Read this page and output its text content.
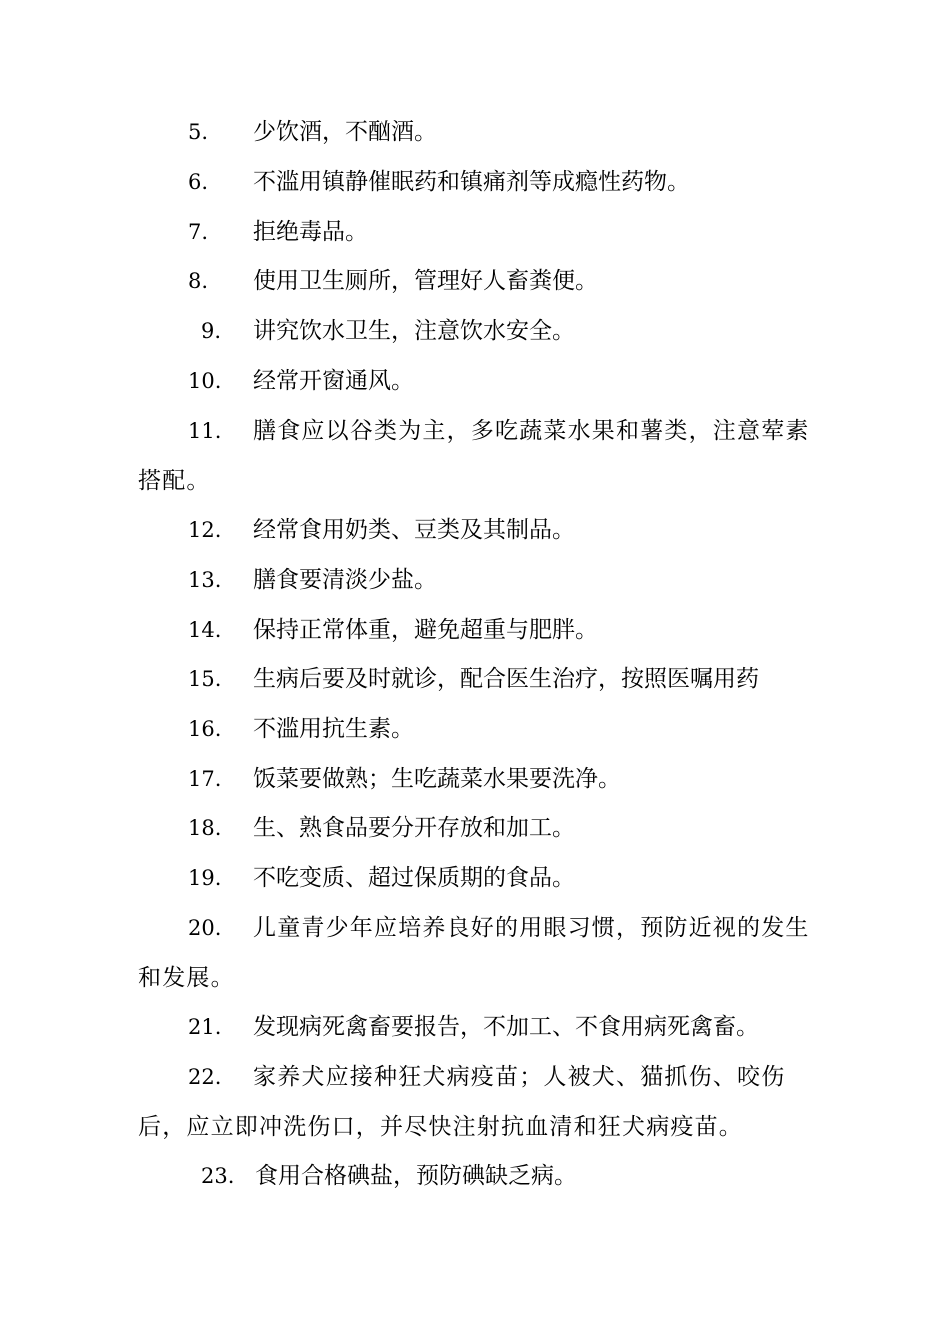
5. 少饮酒，不酗酒。
6. 不滥用镇静催眠药和镇痛剂等成瘾性药物。
7. 拒绝毒品。
8. 使用卫生厕所，管理好人畜粪便。
9. 讲究饮水卫生，注意饮水安全。
10. 经常开窗通风。
11.	膳食应以谷类为主，多吃蔬菜水果和薯类，注意荤素搭配。
12. 经常食用奶类、豆类及其制品。
13. 膳食要清淡少盐。
14. 保持正常体重，避免超重与肥胖。
15. 生病后要及时就诊，配合医生治疗，按照医嘱用药
16. 不滥用抗生素。
17. 饭菜要做熟；生吃蔬菜水果要洗净。
18. 生、熟食品要分开存放和加工。
19. 不吃变质、超过保质期的食品。
20.	儿童青少年应培养良好的用眼习惯，预防近视的发生和发展。
21. 发现病死禽畜要报告，不加工、不食用病死禽畜。
22.	家养犬应接种狂犬病疫苗；人被犬、猫抓伤、咬伤后，应立即冲洗伤口，并尽快注射抗血清和狂犬病疫苗。
23. 食用合格碘盐，预防碘缺乏病。
